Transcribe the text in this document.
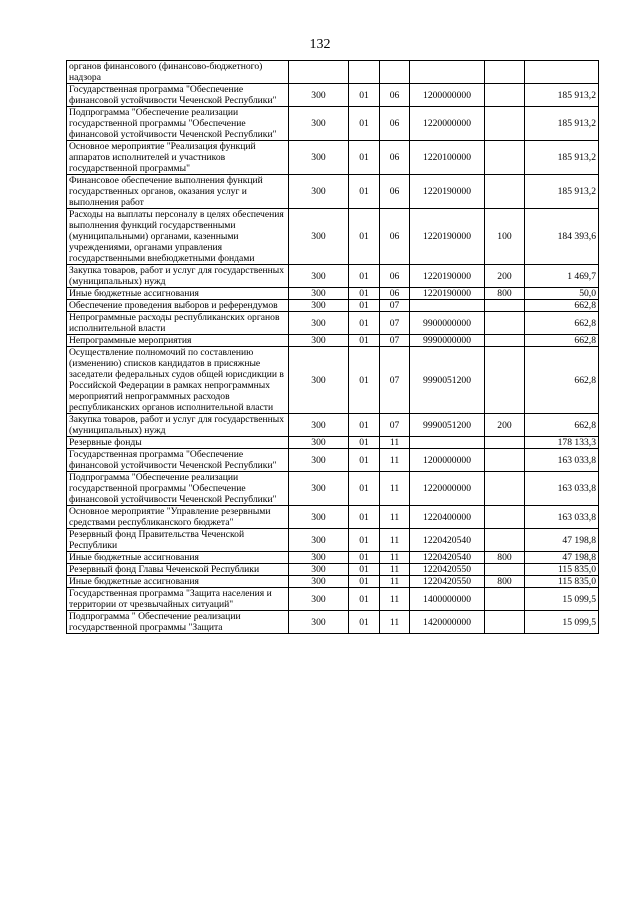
132
органов финансового (финансово-бюджетного) надзора						
Государственная программа "Обеспечение финансовой устойчивости Чеченской Республики"	300	01	06	1200000000		185 913,2
Подпрограмма "Обеспечение реализации государственной программы "Обеспечение финансовой устойчивости Чеченской Республики"	300	01	06	1220000000		185 913,2
Основное мероприятие "Реализация функций аппаратов исполнителей и участников государственной программы"	300	01	06	1220100000		185 913,2
Финансовое обеспечение выполнения функций государственных органов, оказания услуг и выполнения работ	300	01	06	1220190000		185 913,2
Расходы на выплаты персоналу в целях обеспечения выполнения функций государственными (муниципальными) органами, казенными учреждениями, органами управления государственными внебюджетными фондами	300	01	06	1220190000	100	184 393,6
Закупка товаров, работ и услуг для государственных (муниципальных) нужд	300	01	06	1220190000	200	1 469,7
Иные бюджетные ассигнования	300	01	06	1220190000	800	50,0
Обеспечение проведения выборов и референдумов	300	01	07			662,8
Непрограммные расходы республиканских органов исполнительной власти	300	01	07	9900000000		662,8
Непрограммные мероприятия	300	01	07	9990000000		662,8
Осуществление полномочий по составлению (изменению) списков кандидатов в присяжные заседатели федеральных судов общей юрисдикции в Российской Федерации в рамках непрограммных мероприятий непрограммных расходов республиканских органов исполнительной власти	300	01	07	9990051200		662,8
Закупка товаров, работ и услуг для государственных (муниципальных) нужд	300	01	07	9990051200	200	662,8
Резервные фонды	300	01	11			178 133,3
Государственная программа "Обеспечение финансовой устойчивости Чеченской Республики"	300	01	11	1200000000		163 033,8
Подпрограмма "Обеспечение реализации государственной программы "Обеспечение финансовой устойчивости Чеченской Республики"	300	01	11	1220000000		163 033,8
Основное мероприятие "Управление резервными средствами республиканского бюджета"	300	01	11	1220400000		163 033,8
Резервный фонд Правительства Чеченской Республики	300	01	11	1220420540		47 198,8
Иные бюджетные ассигнования	300	01	11	1220420540	800	47 198,8
Резервный фонд Главы Чеченской Республики	300	01	11	1220420550		115 835,0
Иные бюджетные ассигнования	300	01	11	1220420550	800	115 835,0
Государственная программа "Защита населения и территории от чрезвычайных ситуаций"	300	01	11	1400000000		15 099,5
Подпрограмма " Обеспечение реализации государственной программы "Защита	300	01	11	1420000000		15 099,5
